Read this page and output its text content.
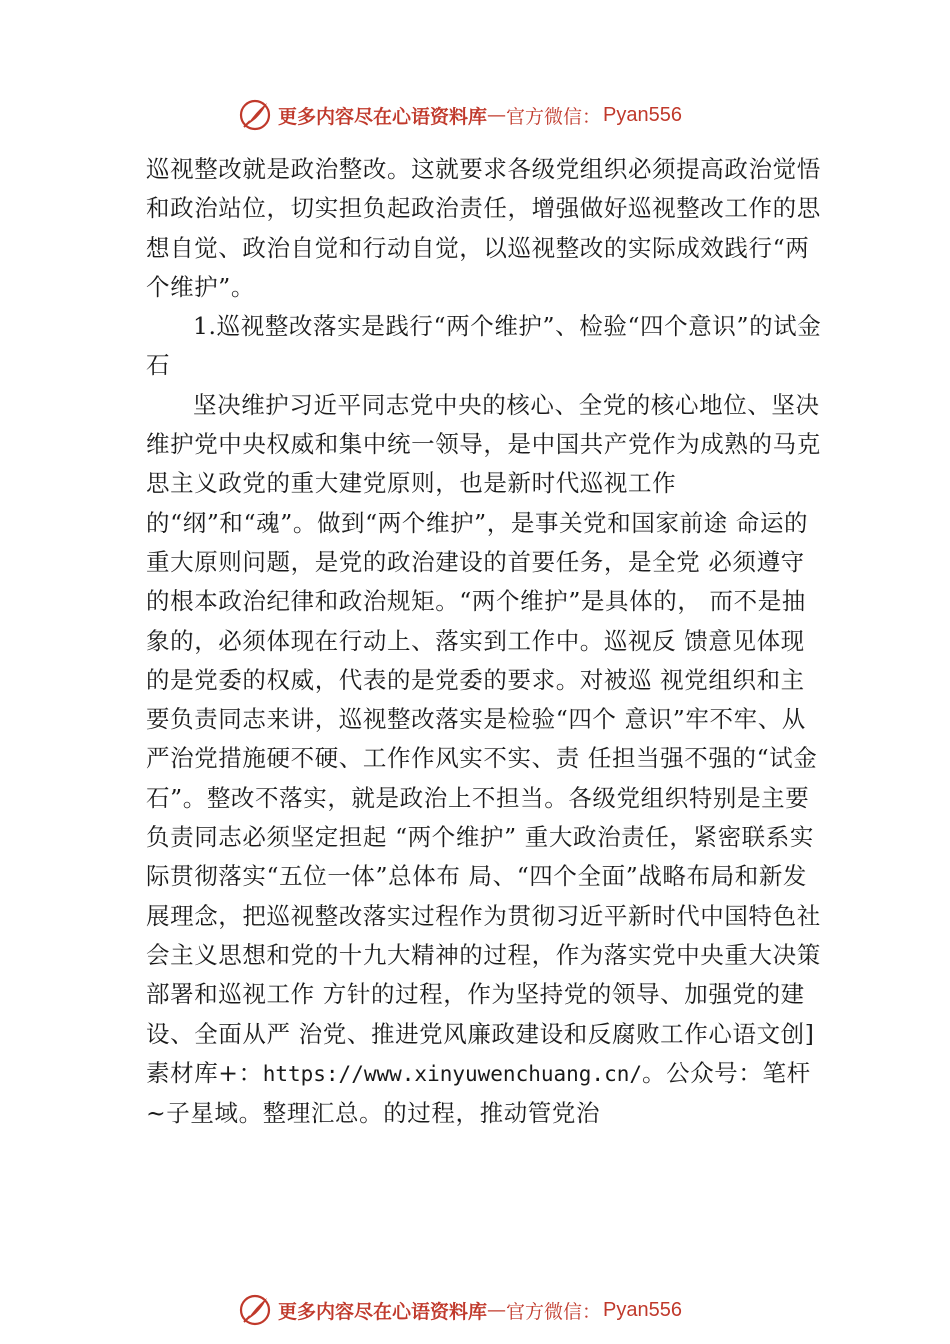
更多内容尽在心语资料库 — 官方微信： Pyan556

巡视整改就是政治整改。这就要求各级党组织必须提高政治觉悟和政治站位，切实担负起政治责任，增强做好巡视整改工作的思想自觉、政治自觉和行动自觉，以巡视整改的实际成效践行“两个维护”。

1.巡视整改落实是践行“两个维护”、检验“四个意识”的试金石

坚决维护习近平同志党中央的核心、全党的核心地位、坚决维护党中央权威和集中统一领导，是中国共产党作为成熟的马克思主义政党的重大建党原则，也是新时代巡视工作的“纲”和“魂”。做到“两个维护”，是事关党和国家前途 命运的重大原则问题，是党的政治建设的首要任务，是全党 必须遵守的根本政治纪律和政治规矩。“两个维护”是具体的， 而不是抽象的，必须体现在行动上、落实到工作中。巡视反 馈意见体现的是党委的权威，代表的是党委的要求。对被巡 视党组织和主要负责同志来讲，巡视整改落实是检验“四个 意识”牢不牢、从严治党措施硬不硬、工作作风实不实、责 任担当强不强的“试金石”。整改不落实，就是政治上不担当。各级党组织特别是主要负责同志必须坚定担起 “两个维护” 重大政治责任，紧密联系实际贯彻落实“五位一体”总体布 局、“四个全面”战略布局和新发展理念，把巡视整改落实过程作为贯彻习近平新时代中国特色社会主义思想和党的十九大精神的过程，作为落实党中央重大决策部署和巡视工作 方针的过程，作为坚持党的领导、加强党的建设、全面从严 治党、推进党风廉政建设和反腐败工作心语文创]素材库+：https://www.xinyuwenchuang.cn/。公众号：笔杆~子星域。整理汇总。的过程，推动管党治

更多内容尽在心语资料库 — 官方微信： Pyan556
